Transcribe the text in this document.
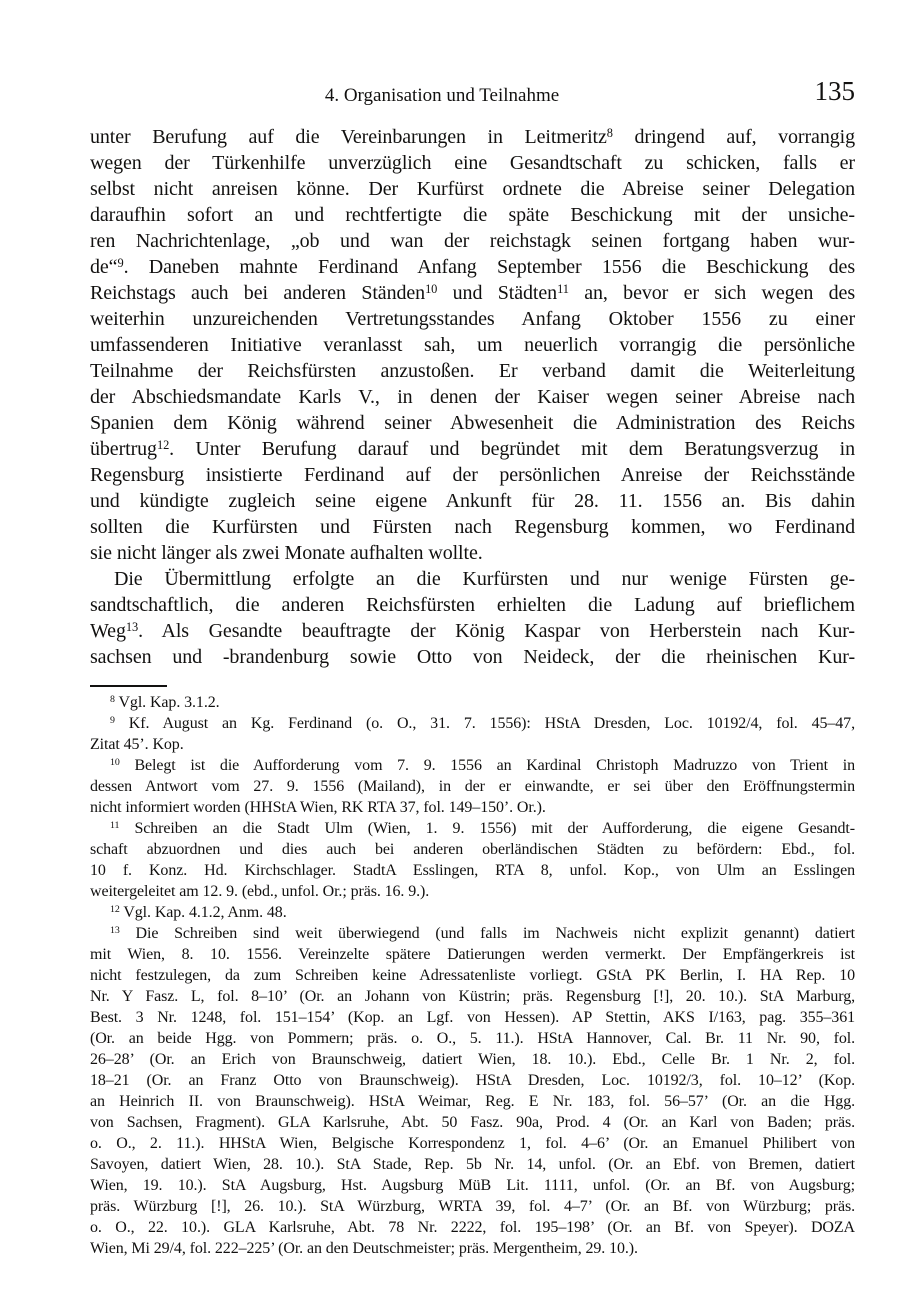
4. Organisation und Teilnahme	135
unter Berufung auf die Vereinbarungen in Leitmeritz$^8$ dringend auf, vorrangig
wegen der Türkenhilfe unverzüglich eine Gesandtschaft zu schicken, falls er
selbst nicht anreisen könne. Der Kurfürst ordnete die Abreise seiner Delegation
daraufhin sofort an und rechtfertigte die späte Beschickung mit der unsiche-
ren Nachrichtenlage, „ob und wan der reichstagk seinen fortgang haben wur-
de“$^9$. Daneben mahnte Ferdinand Anfang September 1556 die Beschickung des
Reichstags auch bei anderen Ständen$^{10}$ und Städten$^{11}$ an, bevor er sich wegen des
weiterhin unzureichenden Vertretungsstandes Anfang Oktober 1556 zu einer
umfassenderen Initiative veranlasst sah, um neuerlich vorrangig die persönliche
Teilnahme der Reichsfürsten anzustoßen. Er verband damit die Weiterleitung
der Abschiedsmandate Karls V., in denen der Kaiser wegen seiner Abreise nach
Spanien dem König während seiner Abwesenheit die Administration des Reichs
übertrug$^{12}$. Unter Berufung darauf und begründet mit dem Beratungsverzug in
Regensburg insistierte Ferdinand auf der persönlichen Anreise der Reichsstände
und kündigte zugleich seine eigene Ankunft für 28. 11. 1556 an. Bis dahin
sollten die Kurfürsten und Fürsten nach Regensburg kommen, wo Ferdinand
sie nicht länger als zwei Monate aufhalten wollte.
Die Übermittlung erfolgte an die Kurfürsten und nur wenige Fürsten ge-
sandtschaftlich, die anderen Reichsfürsten erhielten die Ladung auf brieflichem
Weg$^{13}$. Als Gesandte beauftragte der König Kaspar von Herberstein nach Kur-
sachsen und -brandenburg sowie Otto von Neideck, der die rheinischen Kur-
$^8$ Vgl. Kap. 3.1.2.
$^9$ Kf. August an Kg. Ferdinand (o. O., 31. 7. 1556): HStA Dresden, Loc. 10192/4, fol. 45–47,
Zitat 45’. Kop.
$^{10}$ Belegt ist die Aufforderung vom 7. 9. 1556 an Kardinal Christoph Madruzzo von Trient in
dessen Antwort vom 27. 9. 1556 (Mailand), in der er einwandte, er sei über den Eröffnungstermin
nicht informiert worden (HHStA Wien, RK RTA 37, fol. 149–150’. Or.).
$^{11}$ Schreiben an die Stadt Ulm (Wien, 1. 9. 1556) mit der Aufforderung, die eigene Gesandt-
schaft abzuordnen und dies auch bei anderen oberländischen Städten zu befördern: Ebd., fol.
10 f. Konz. Hd. Kirchschlager. StadtA Esslingen, RTA 8, unfol. Kop., von Ulm an Esslingen
weitergeleitet am 12. 9. (ebd., unfol. Or.; präs. 16. 9.).
$^{12}$ Vgl. Kap. 4.1.2, Anm. 48.
$^{13}$ Die Schreiben sind weit überwiegend (und falls im Nachweis nicht explizit genannt) datiert
mit Wien, 8. 10. 1556. Vereinzelte spätere Datierungen werden vermerkt. Der Empfängerkreis ist
nicht festzulegen, da zum Schreiben keine Adressatenliste vorliegt. GStA PK Berlin, I. HA Rep. 10
Nr. Y Fasz. L, fol. 8–10’ (Or. an Johann von Küstrin; präs. Regensburg [!], 20. 10.). StA Marburg,
Best. 3 Nr. 1248, fol. 151–154’ (Kop. an Lgf. von Hessen). AP Stettin, AKS I/163, pag. 355–361
(Or. an beide Hgg. von Pommern; präs. o. O., 5. 11.). HStA Hannover, Cal. Br. 11 Nr. 90, fol.
26–28’ (Or. an Erich von Braunschweig, datiert Wien, 18. 10.). Ebd., Celle Br. 1 Nr. 2, fol.
18–21 (Or. an Franz Otto von Braunschweig). HStA Dresden, Loc. 10192/3, fol. 10–12’ (Kop.
an Heinrich II. von Braunschweig). HStA Weimar, Reg. E Nr. 183, fol. 56–57’ (Or. an die Hgg.
von Sachsen, Fragment). GLA Karlsruhe, Abt. 50 Fasz. 90a, Prod. 4 (Or. an Karl von Baden; präs.
o. O., 2. 11.). HHStA Wien, Belgische Korrespondenz 1, fol. 4–6’ (Or. an Emanuel Philibert von
Savoyen, datiert Wien, 28. 10.). StA Stade, Rep. 5b Nr. 14, unfol. (Or. an Ebf. von Bremen, datiert
Wien, 19. 10.). StA Augsburg, Hst. Augsburg MüB Lit. 1111, unfol. (Or. an Bf. von Augsburg;
präs. Würzburg [!], 26. 10.). StA Würzburg, WRTA 39, fol. 4–7’ (Or. an Bf. von Würzburg; präs.
o. O., 22. 10.). GLA Karlsruhe, Abt. 78 Nr. 2222, fol. 195–198’ (Or. an Bf. von Speyer). DOZA
Wien, Mi 29/4, fol. 222–225’ (Or. an den Deutschmeister; präs. Mergentheim, 29. 10.).
